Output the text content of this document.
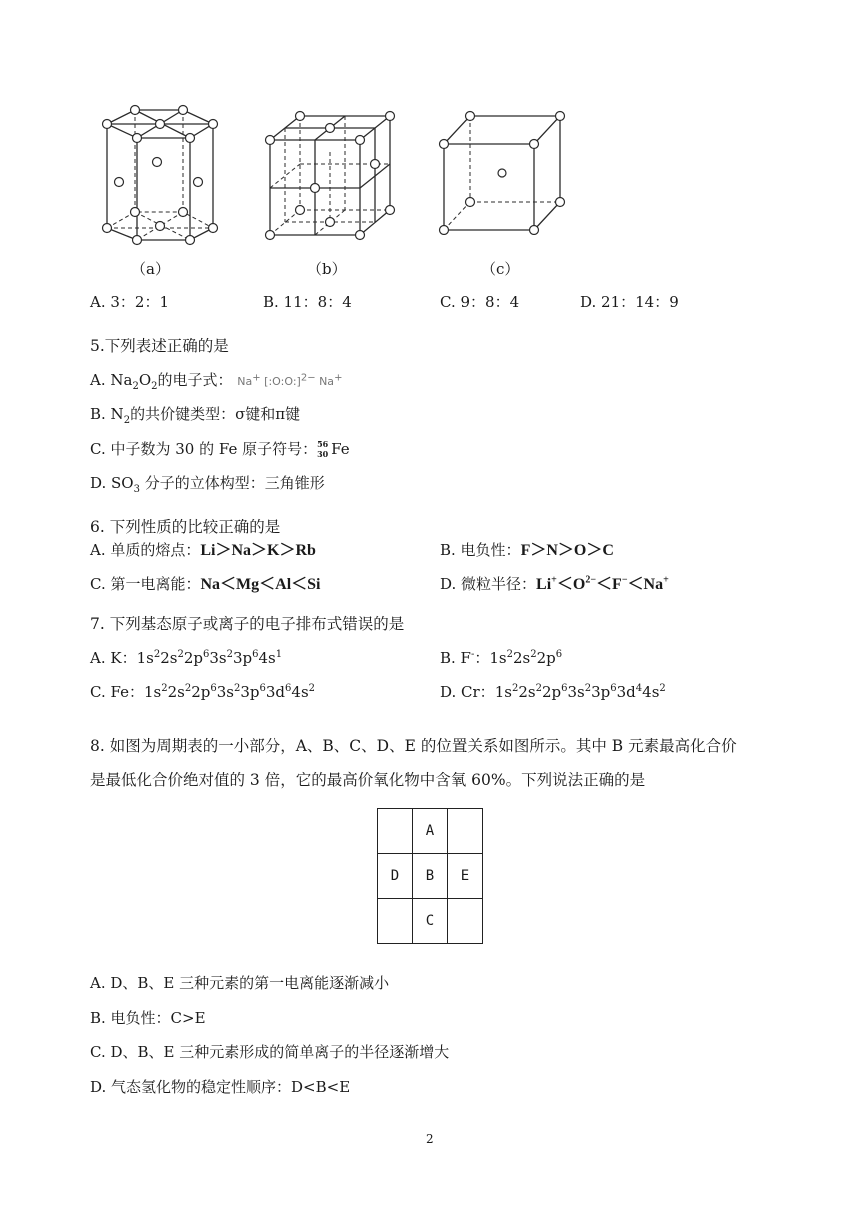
（a）	（b）	（c）
A. 3：2：1	B. 11：8：4	C. 9：8：4	D. 21：14：9
5.下列表述正确的是
A. $Na_2O_2$的电子式： Na+ [:O:O:]$^{2-}$ Na+
B. $N_2$的共价键类型：σ键和π键
C. 中子数为 30 的 Fe 原子符号： 56
30 Fe
D. $SO_3$ 分子的立体构型：三角锥形
6. 下列性质的比较正确的是
A. 单质的熔点：Li＞Na＞K＞Rb	B. 电负性：F＞N＞O＞C
C. 第一电离能：Na＜Mg＜Al＜Si	D. 微粒半径：$Li^+<O^{2-}<F^-<Na^+$
7. 下列基态原子或离子的电子排布式错误的是
A. K：$1s^22s^22p^63s^23p^64s^1$	B. F-：$1s^22s^22p^6$
C. Fe：$1s^22s^22p^63s^23p^63d^64s^2$	D. Cr：$1s^22s^22p^63s^23p^63d^44s^2$
8. 如图为周期表的一小部分，A、B、C、D、E 的位置关系如图所示。其中 B 元素最高化合价
是最低化合价绝对值的 3 倍，它的最高价氧化物中含氧 60%。下列说法正确的是
	A	
D	B	E
	C	
A. D、B、E 三种元素的第一电离能逐渐减小
B. 电负性：C>E
C. D、B、E 三种元素形成的简单离子的半径逐渐增大
D. 气态氢化物的稳定性顺序：D<B<E
2
